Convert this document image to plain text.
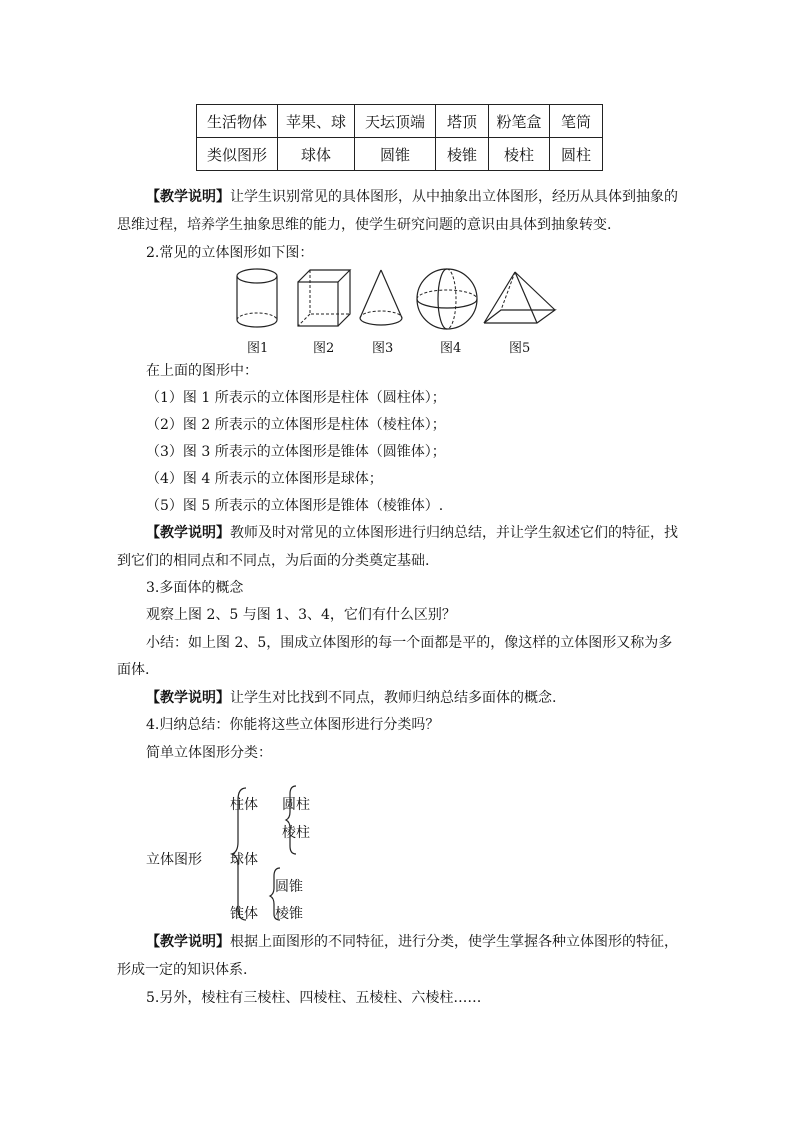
生活物体	苹果、球	天坛顶端	塔顶	粉笔盒	笔筒
类似图形	球体	圆锥	棱锥	棱柱	圆柱
【教学说明】让学生识别常见的具体图形，从中抽象出立体图形，经历从具体到抽象的
思维过程，培养学生抽象思维的能力，使学生研究问题的意识由具体到抽象转变.
2.常见的立体图形如下图：
图1	图2	图3	图4	图5
在上面的图形中：
（1）图 1 所表示的立体图形是柱体（圆柱体）；
（2）图 2 所表示的立体图形是柱体（棱柱体）；
（3）图 3 所表示的立体图形是锥体（圆锥体）；
（4）图 4 所表示的立体图形是球体；
（5）图 5 所表示的立体图形是锥体（棱锥体）.
【教学说明】教师及时对常见的立体图形进行归纳总结，并让学生叙述它们的特征，找
到它们的相同点和不同点，为后面的分类奠定基础.
3.多面体的概念
观察上图 2、5 与图 1、3、4，它们有什么区别？
小结：如上图 2、5，围成立体图形的每一个面都是平的，像这样的立体图形又称为多
面体.
【教学说明】让学生对比找到不同点，教师归纳总结多面体的概念.
4.归纳总结：你能将这些立体图形进行分类吗？
简单立体图形分类：
立体图形
柱体
球体
锥体
圆柱
棱柱
圆锥
棱锥
【教学说明】根据上面图形的不同特征，进行分类，使学生掌握各种立体图形的特征，
形成一定的知识体系.
5.另外，棱柱有三棱柱、四棱柱、五棱柱、六棱柱……
